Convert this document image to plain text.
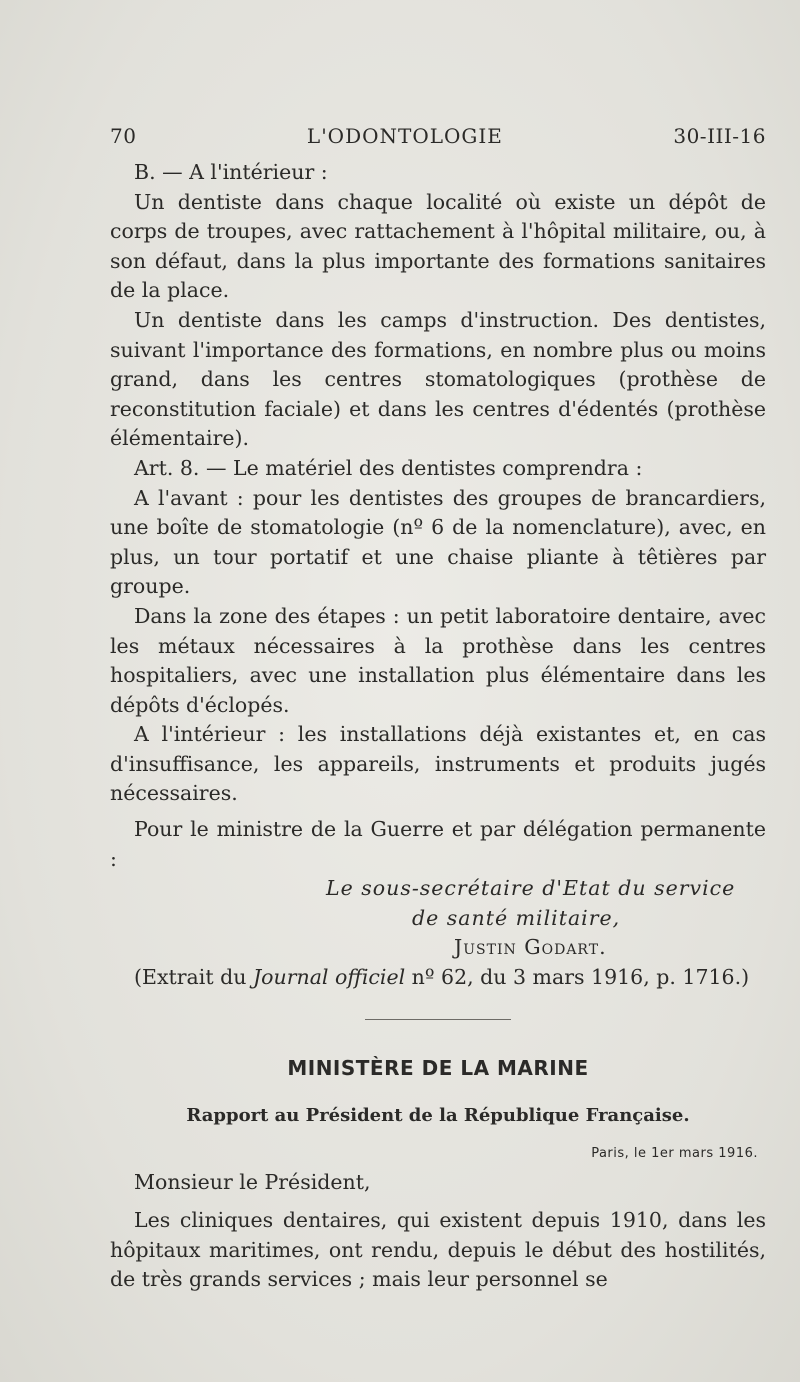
70	L'ODONTOLOGIE	30-III-16

B. — A l'intérieur :

Un dentiste dans chaque localité où existe un dépôt de corps de troupes, avec rattachement à l'hôpital militaire, ou, à son défaut, dans la plus importante des formations sanitaires de la place.

Un dentiste dans les camps d'instruction. Des dentistes, suivant l'importance des formations, en nombre plus ou moins grand, dans les centres stomatologiques (prothèse de reconstitution faciale) et dans les centres d'édentés (prothèse élémentaire).

Art. 8. — Le matériel des dentistes comprendra :

A l'avant : pour les dentistes des groupes de brancardiers, une boîte de stomatologie (nº 6 de la nomenclature), avec, en plus, un tour portatif et une chaise pliante à têtières par groupe.

Dans la zone des étapes : un petit laboratoire dentaire, avec les métaux nécessaires à la prothèse dans les centres hospitaliers, avec une installation plus élémentaire dans les dépôts d'éclopés.

A l'intérieur : les installations déjà existantes et, en cas d'insuffisance, les appareils, instruments et produits jugés nécessaires.

Pour le ministre de la Guerre et par délégation permanente :

Le sous-secrétaire d'Etat du service
de santé militaire,
Justin Godart.

(Extrait du Journal officiel nº 62, du 3 mars 1916, p. 1716.)

MINISTÈRE DE LA MARINE
Rapport au Président de la République Française.
Paris, le 1er mars 1916.

Monsieur le Président,

Les cliniques dentaires, qui existent depuis 1910, dans les hôpitaux maritimes, ont rendu, depuis le début des hostilités, de très grands services ; mais leur personnel se
